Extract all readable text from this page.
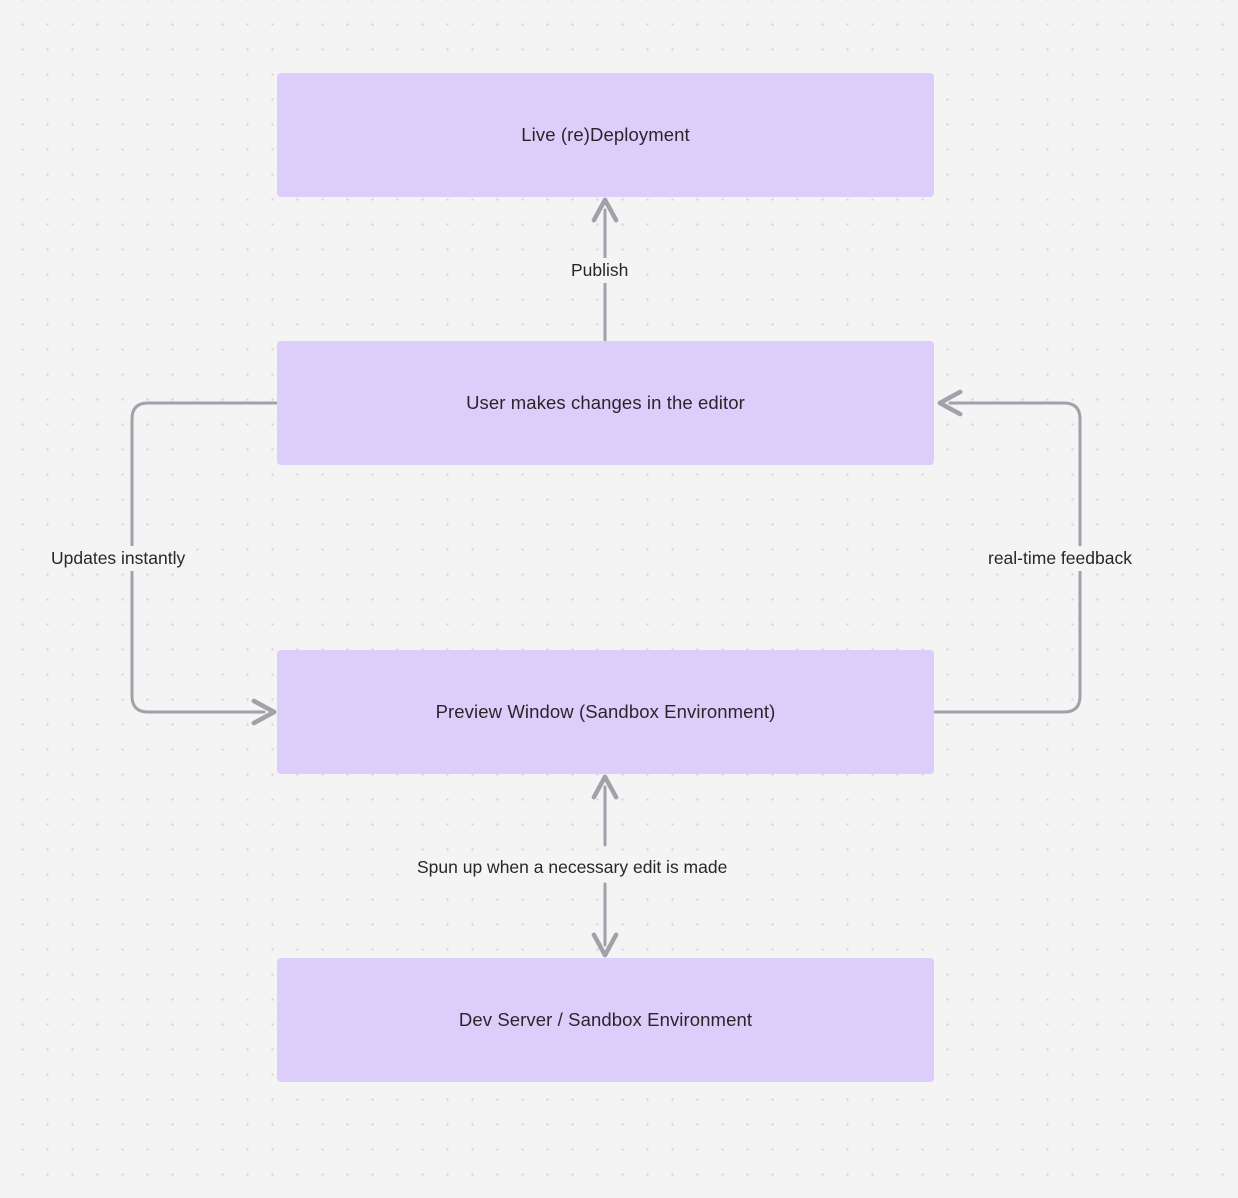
Live (re)Deployment
User makes changes in the editor
Preview Window (Sandbox Environment)
Dev Server / Sandbox Environment
Publish
Updates instantly	real-time feedback
Spun up when a necessary edit is made
